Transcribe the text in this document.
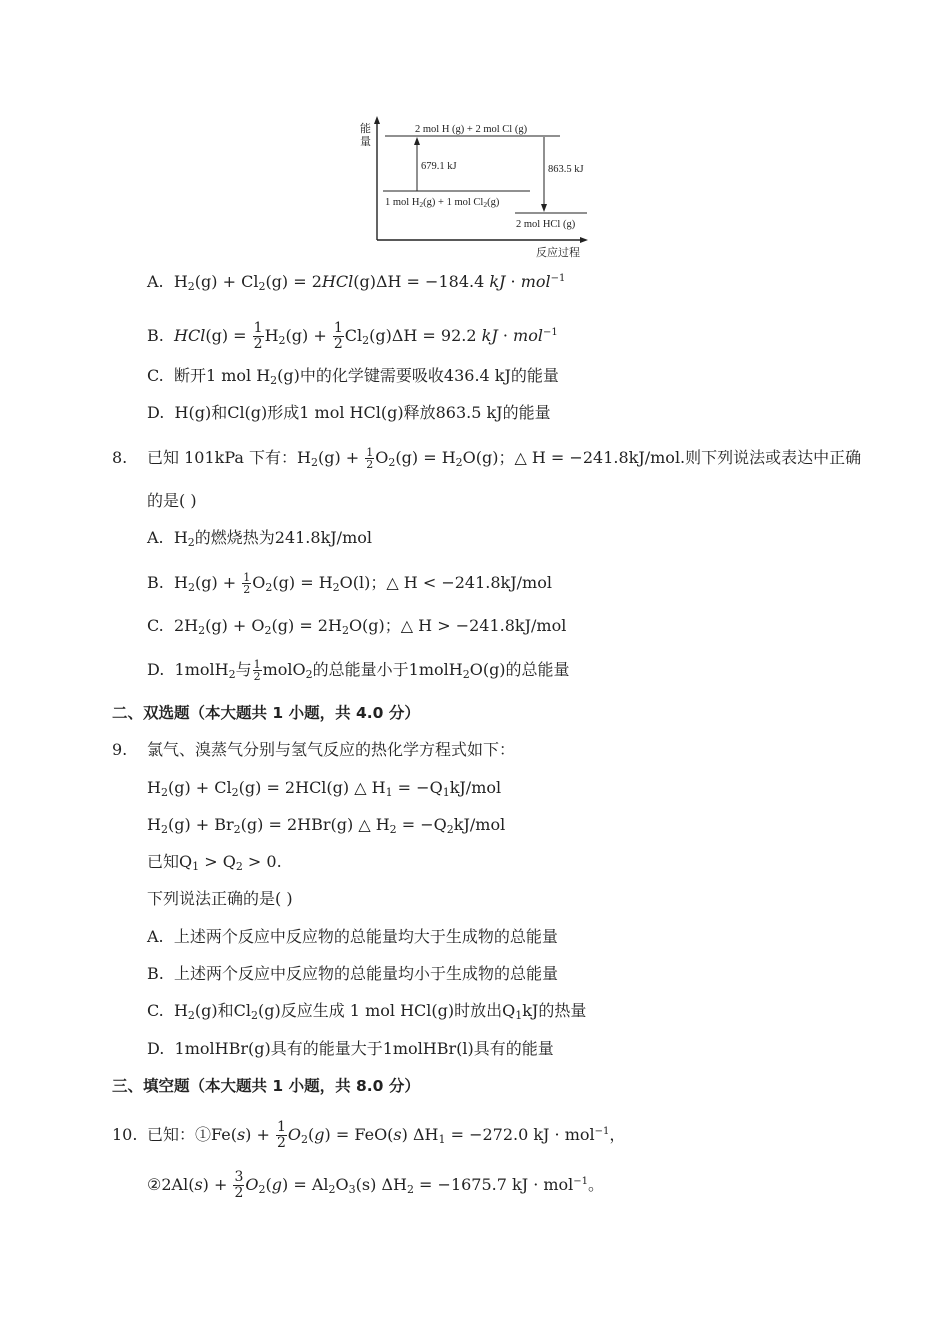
能
量
反应过程
2 mol H (g) + 2 mol Cl (g)
1 mol H2(g) + 1 mol Cl2(g)
2 mol HCl (g)
679.1 kJ	863.5 kJ
A. $H_2(g) + Cl_2(g) = 2HCl(g)\Delta H = -184.4$ kJ · mol$^{-1}$
B. $HCl(g) = \frac{1}{2} H_2(g) + \frac{1}{2} Cl_2(g)\Delta H = 92.2$ kJ · mol$^{-1}$
C. 断开1 mol $H_2(g)$中的化学键需要吸收436.4 kJ的能量
D. H(g)和Cl(g)形成1 mol HCl(g)释放863.5 kJ的能量
8. 已知 101kPa 下有：$H_2(g) + \frac{1}{2} O_2(g) = H_2O(g)$；△ H = −241.8kJ/mol.则下列说法或表达中正确
的是( )
A. $H_2$的燃烧热为241.8kJ/mol
B. $H_2(g) + \frac{1}{2} O_2(g) = H_2O(l)$；△ H < −241.8kJ/mol
C. $2H_2(g) + O_2(g) = 2H_2O(g)$；△ H > −241.8kJ/mol
D. 1molH$_2$与 $\frac{1}{2}$ molO$_2$的总能量小于1molH$_2$O(g)的总能量
二、双选题（本大题共 1 小题，共 4.0 分）
9. 氯气、溴蒸气分别与氢气反应的热化学方程式如下：
$H_2(g) + Cl_2(g) = 2HCl(g)$ △ $H_1 = -Q_1kJ/mol$
$H_2(g) + Br_2(g) = 2HBr(g)$ △ $H_2 = -Q_2kJ/mol$
已知$Q_1 > Q_2 > 0$.
下列说法正确的是( )
A. 上述两个反应中反应物的总能量均大于生成物的总能量
B. 上述两个反应中反应物的总能量均小于生成物的总能量
C. $H_2(g)$和$Cl_2(g)$反应生成 1 mol HCl(g)时放出$Q_1kJ$的热量
D. 1molHBr(g)具有的能量大于1molHBr(l)具有的能量
三、填空题（本大题共 1 小题，共 8.0 分）
10. 已知：①Fe(s) + $\frac{1}{2} O_2(g) = FeO(s) \Delta H_1 = -272.0$ kJ · mol$^{-1}$，
②2Al(s) + $\frac{3}{2} O_2(g) = Al_2O_3(s) \Delta H_2 = -1675.7$ kJ · mol$^{-1}$。
